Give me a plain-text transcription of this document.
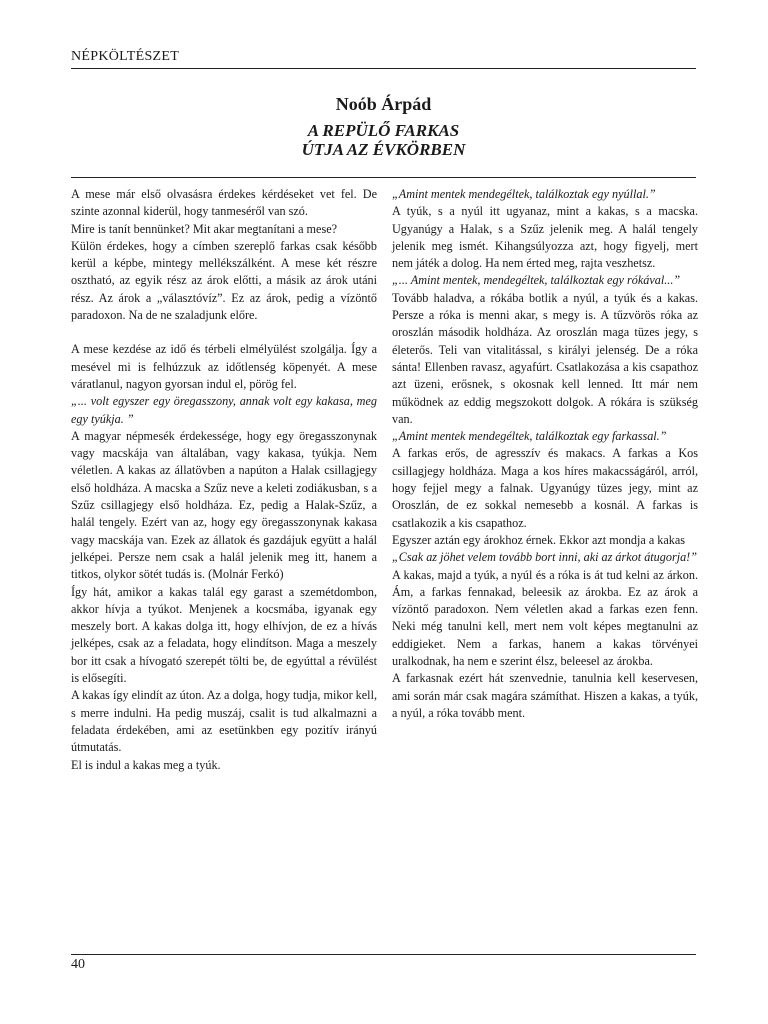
NÉPKÖLTÉSZET
Noób Árpád
A REPÜLŐ FARKAS
ÚTJA AZ ÉVKÖRBEN

A mese már első olvasásra érdekes kérdéseket vet fel. De szinte azonnal kiderül, hogy tanmeséről van szó.

Mire is tanít bennünket? Mit akar megtanítani a mese?

Külön érdekes, hogy a címben szereplő farkas csak később kerül a képbe, mintegy mellékszálként. A mese két részre osztható, az egyik rész az árok előtti, a másik az árok utáni rész. Az árok a „választóvíz”. Ez az árok, pedig a vízöntő paradoxon. Na de ne szaladjunk előre.

A mese kezdése az idő és térbeli elmélyülést szolgálja. Így a mesével mi is felhúzzuk az időtlenség köpenyét. A mese váratlanul, nagyon gyorsan indul el, pörög fel.

„... volt egyszer egy öregasszony, annak volt egy kakasa, meg egy tyúkja. ”

A magyar népmesék érdekessége, hogy egy öregasszonynak vagy macskája van általában, vagy kakasa, tyúkja. Nem véletlen. A kakas az állatövben a napúton a Halak csillagjegy első holdháza. A macska a Szűz neve a keleti zodiákusban, s a Szűz csillagjegy első holdháza. Ez, pedig a Halak-Szűz, a halál tengely. Ezért van az, hogy egy öregasszonynak kakasa vagy macskája van. Ezek az állatok és gazdájuk együtt a halál jelképei. Persze nem csak a halál jelenik meg itt, hanem a titkos, olykor sötét tudás is. (Molnár Ferkó)

Így hát, amikor a kakas talál egy garast a szemétdombon, akkor hívja a tyúkot. Menjenek a kocsmába, igyanak egy meszely bort. A kakas dolga itt, hogy elhívjon, de ez a hívás jelképes, csak az a feladata, hogy elindítson. Maga a meszely bor itt csak a hívogató szerepét tölti be, de egyúttal a révülést is elősegíti.

A kakas így elindít az úton. Az a dolga, hogy tudja, mikor kell, s merre indulni. Ha pedig muszáj, csalit is tud alkalmazni a feladata érdekében, ami az esetünkben egy pozitív irányú útmutatás.

El is indul a kakas meg a tyúk.

„Amint mentek mendegéltek, találkoztak egy nyúllal.”

A tyúk, s a nyúl itt ugyanaz, mint a kakas, s a macska. Ugyanúgy a Halak, s a Szűz jelenik meg. A halál tengely jelenik meg ismét. Kihangsúlyozza azt, hogy figyelj, mert nem játék a dolog. Ha nem érted meg, rajta veszhetsz.

„... Amint mentek, mendegéltek, találkoztak egy rókával...”

Tovább haladva, a rókába botlik a nyúl, a tyúk és a kakas. Persze a róka is menni akar, s megy is. A tűzvörös róka az oroszlán második holdháza. Az oroszlán maga tüzes jegy, s életerős. Teli van vitalitással, s királyi jelenség. De a róka sánta! Ellenben ravasz, agyafúrt. Csatlakozása a kis csapathoz azt üzeni, erősnek, s okosnak kell lenned. Itt már nem működnek az eddig megszokott dolgok. A rókára is szükség van.

„Amint mentek mendegéltek, találkoztak egy farkassal.”

A farkas erős, de agresszív és makacs. A farkas a Kos csillagjegy holdháza. Maga a kos híres makacsságáról, arról, hogy fejjel megy a falnak. Ugyanúgy tüzes jegy, mint az Oroszlán, de ez sokkal nemesebb a kosnál. A farkas is csatlakozik a kis csapathoz.

Egyszer aztán egy árokhoz érnek. Ekkor azt mondja a kakas

„Csak az jöhet velem tovább bort inni, aki az árkot átugorja!”

A kakas, majd a tyúk, a nyúl és a róka is át tud kelni az árkon. Ám, a farkas fennakad, beleesik az árokba. Ez az árok a vízöntő paradoxon. Nem véletlen akad a farkas ezen fenn. Neki még tanulni kell, mert nem volt képes megtanulni az eddigieket. Nem a farkas, hanem a kakas törvényei uralkodnak, ha nem e szerint élsz, beleesel az árokba.

A farkasnak ezért hát szenvednie, tanulnia kell keservesen, ami során már csak magára számíthat. Hiszen a kakas, a tyúk, a nyúl, a róka tovább ment.

40
